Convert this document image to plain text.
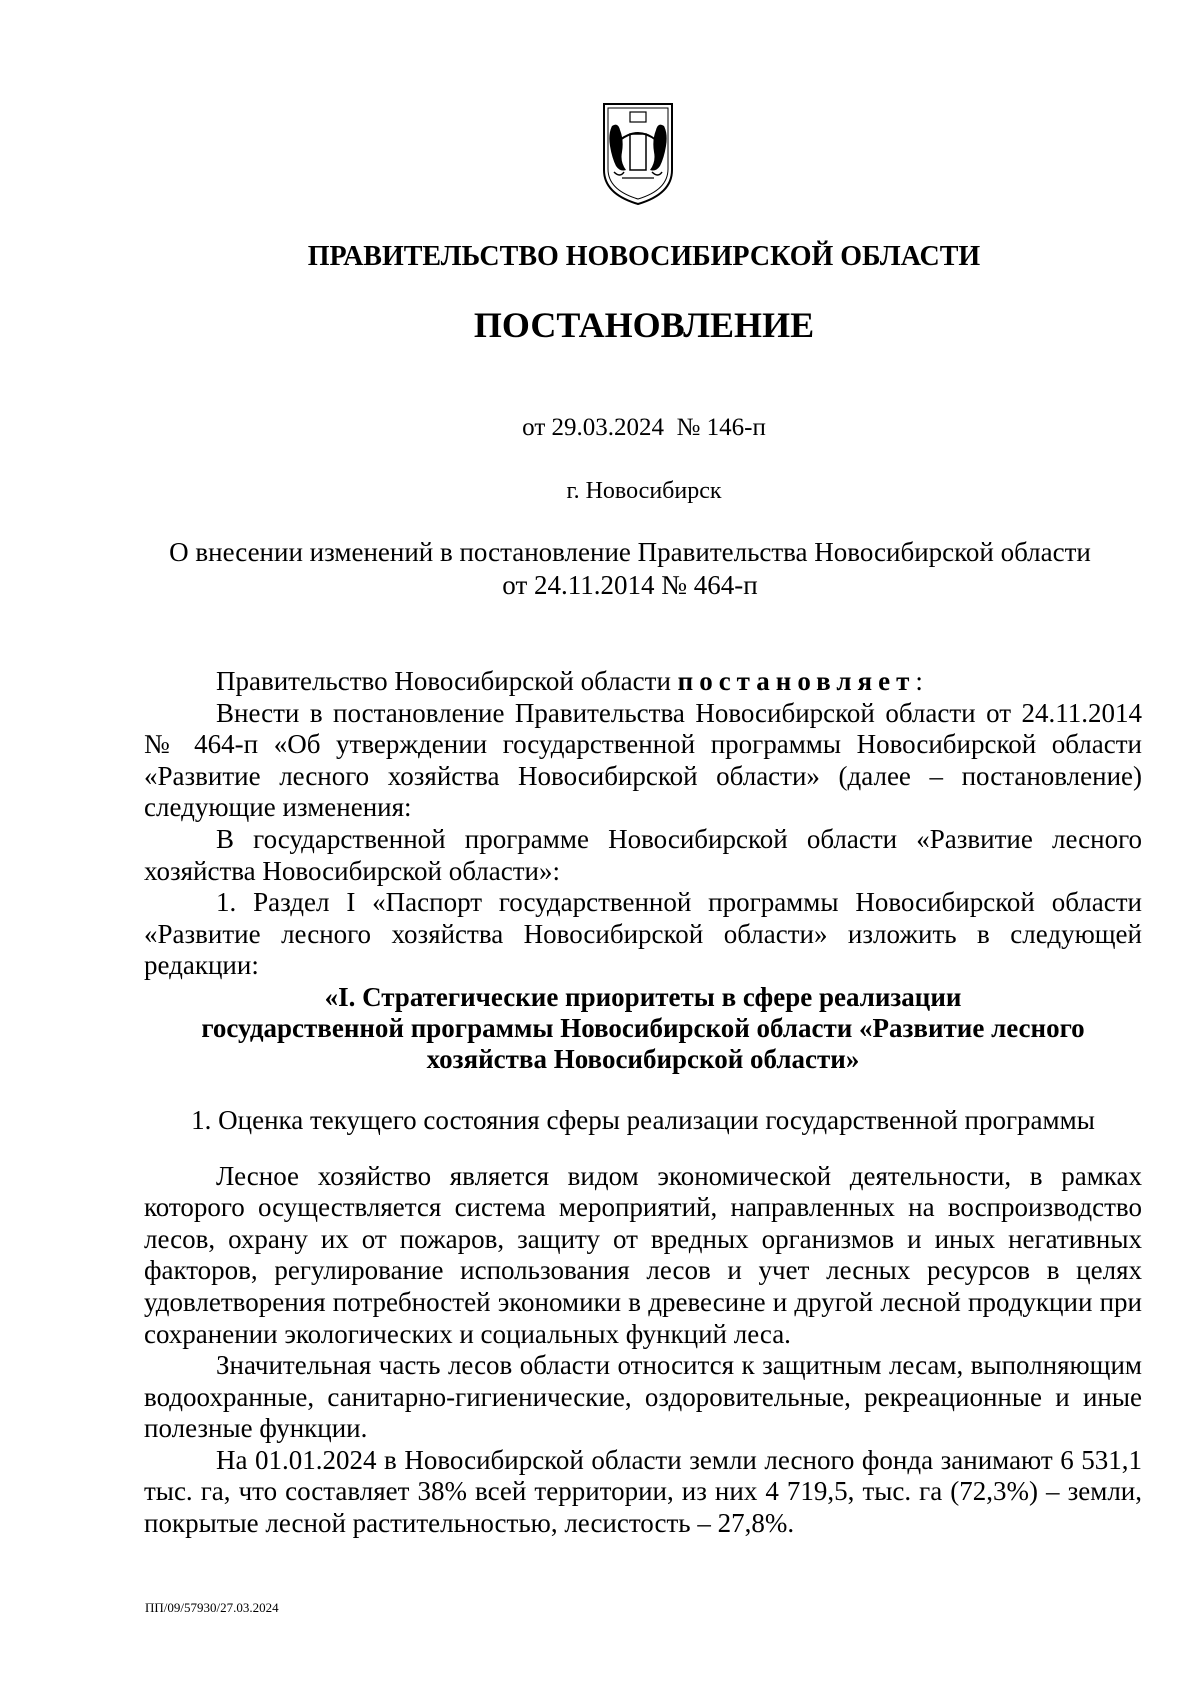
ПРАВИТЕЛЬСТВО НОВОСИБИРСКОЙ ОБЛАСТИ
ПОСТАНОВЛЕНИЕ
от 29.03.2024  № 146-п
г. Новосибирск
О внесении изменений в постановление Правительства Новосибирской области
от 24.11.2014 № 464-п

Правительство Новосибирской области постановляет:

Внести в постановление Правительства Новосибирской области от 24.11.2014 № 464-п «Об утверждении государственной программы Новосибирской области «Развитие лесного хозяйства Новосибирской области» (далее – постановление) следующие изменения:

В государственной программе Новосибирской области «Развитие лесного хозяйства Новосибирской области»:

1. Раздел I «Паспорт государственной программы Новосибирской области «Развитие лесного хозяйства Новосибирской области» изложить в следующей редакции:

«I. Стратегические приоритеты в сфере реализации
государственной программы Новосибирской области «Развитие лесного
хозяйства Новосибирской области»

1. Оценка текущего состояния сферы реализации государственной программы

Лесное хозяйство является видом экономической деятельности, в рамках которого осуществляется система мероприятий, направленных на воспроизводство лесов, охрану их от пожаров, защиту от вредных организмов и иных негативных факторов, регулирование использования лесов и учет лесных ресурсов в целях удовлетворения потребностей экономики в древесине и другой лесной продукции при сохранении экологических и социальных функций леса.

Значительная часть лесов области относится к защитным лесам, выполняющим водоохранные, санитарно-гигиенические, оздоровительные, рекреационные и иные полезные функции.

На 01.01.2024 в Новосибирской области земли лесного фонда занимают 6 531,1 тыс. га, что составляет 38% всей территории, из них 4 719,5, тыс. га (72,3%) – земли, покрытые лесной растительностью, лесистость – 27,8%.

ПП/09/57930/27.03.2024
